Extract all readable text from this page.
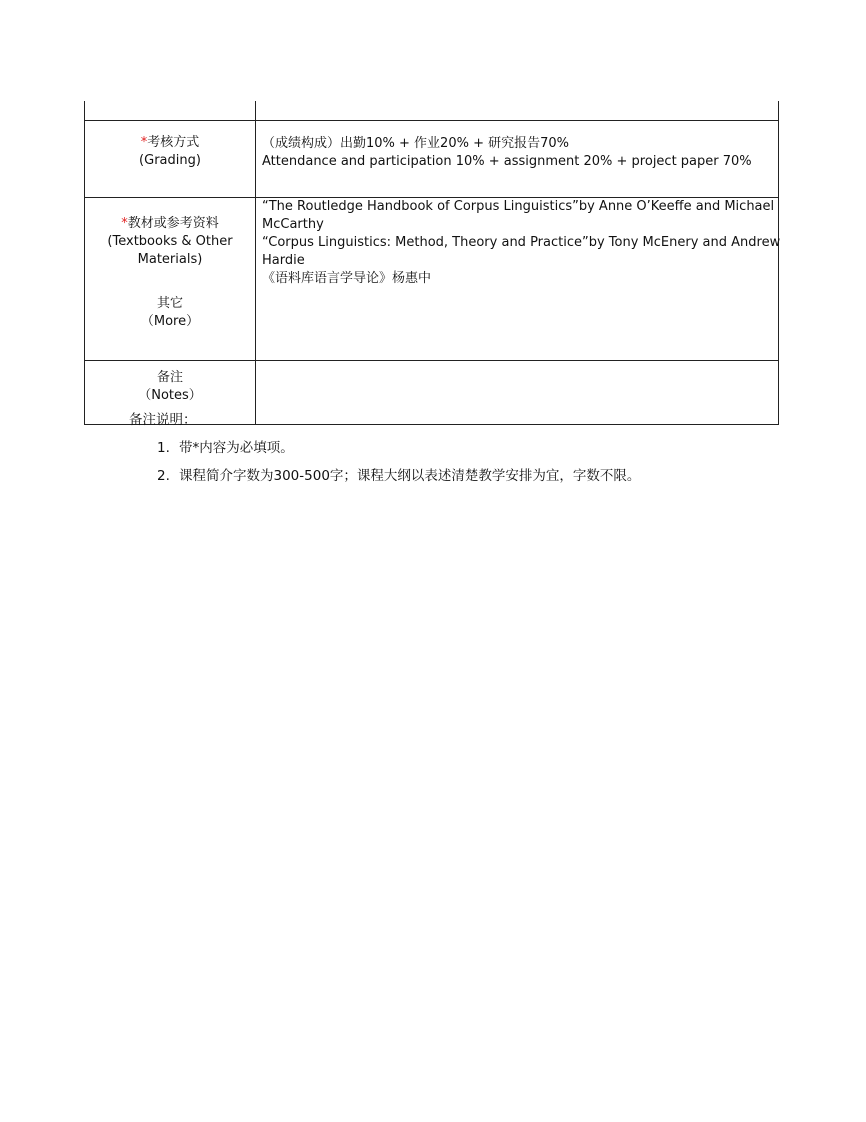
*考核方式
(Grading)	（成绩构成）出勤10% + 作业20% + 研究报告70%
Attendance and participation 10% + assignment 20% + project paper 70%

*教材或参考资料
(Textbooks & Other
Materials)
其它
（More）	“The Routledge Handbook of Corpus Linguistics”by Anne O’Keeffe and Michael
McCarthy
“Corpus Linguistics: Method, Theory and Practice”by Tony McEnery and Andrew
Hardie
《语料库语言学导论》杨惠中

备注
（Notes）	

备注说明：
1. 带*内容为必填项。
2. 课程简介字数为300-500字；课程大纲以表述清楚教学安排为宜，字数不限。
